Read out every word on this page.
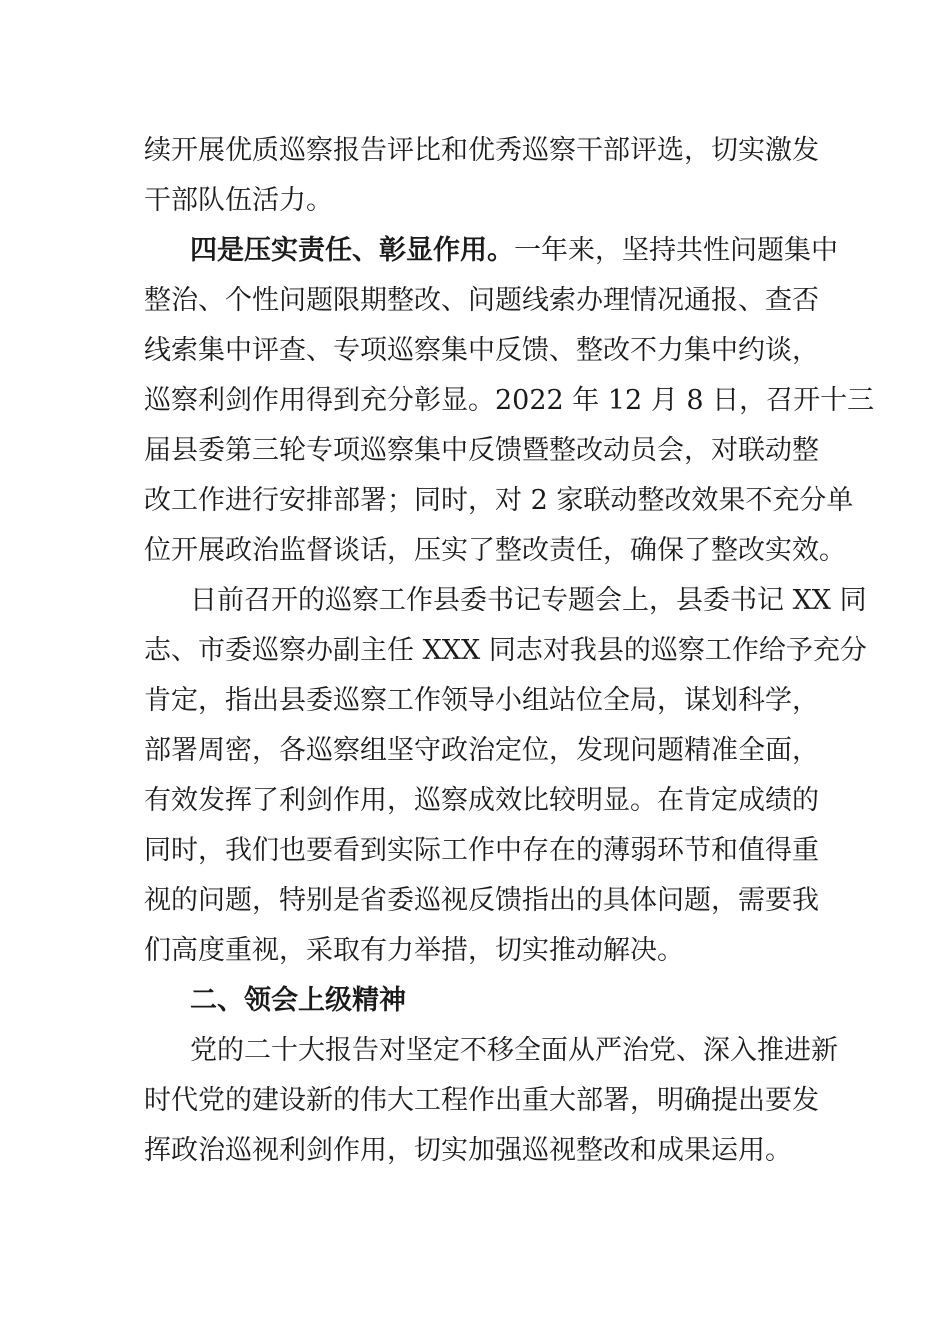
续开展优质巡察报告评比和优秀巡察干部评选，切实激发
干部队伍活力。
四是压实责任、彰显作用。一年来，坚持共性问题集中
整治、个性问题限期整改、问题线索办理情况通报、查否
线索集中评查、专项巡察集中反馈、整改不力集中约谈，
巡察利剑作用得到充分彰显。2022 年 12 月 8 日，召开十三
届县委第三轮专项巡察集中反馈暨整改动员会，对联动整
改工作进行安排部署；同时，对 2 家联动整改效果不充分单
位开展政治监督谈话，压实了整改责任，确保了整改实效。
日前召开的巡察工作县委书记专题会上，县委书记 XX 同
志、市委巡察办副主任 XXX 同志对我县的巡察工作给予充分
肯定，指出县委巡察工作领导小组站位全局，谋划科学，
部署周密，各巡察组坚守政治定位，发现问题精准全面，
有效发挥了利剑作用，巡察成效比较明显。在肯定成绩的
同时，我们也要看到实际工作中存在的薄弱环节和值得重
视的问题，特别是省委巡视反馈指出的具体问题，需要我
们高度重视，采取有力举措，切实推动解决。
二、领会上级精神
党的二十大报告对坚定不移全面从严治党、深入推进新
时代党的建设新的伟大工程作出重大部署，明确提出要发
挥政治巡视利剑作用，切实加强巡视整改和成果运用。
